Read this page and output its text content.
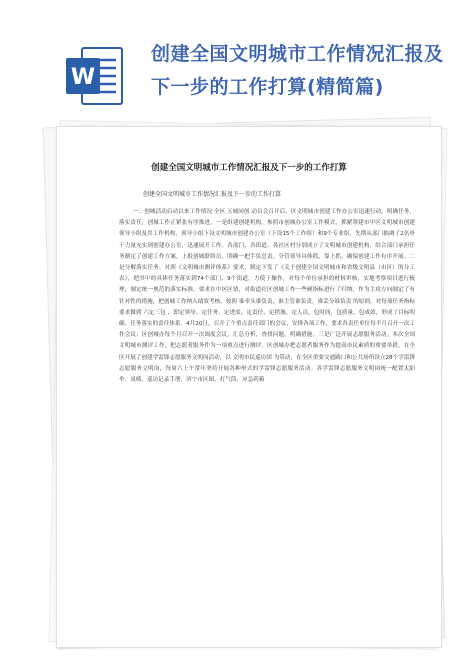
W
创建全国文明城市工作情况汇报及下一步的工作打算(精简篇)
创建全国文明城市工作情况汇报及下一步的工作打算
创建全国文明城市工作情况汇报及下一步的工作打算
一、创城活动启动以来工作情况 全区 五城同创 动员会召开后，区文明城市创建工作办公室迅速行动，明确任务，落实责任，创城工作正紧张有序推进。一是组建创建机构。参照市创城办公室工作模式，抓紧筹建市中区文明城市创建领导小组及其工作机构，领导小组下设文明城市创建办公室（下设15个工作组）和9个专业组，先期从部门抽调了2名骨干力量充实到创建办公室，迅速展开工作。各部门、各街道、各社区村分别成立了文明城市创建机构，结合部门承担任务制定了创建工作方案，上报创城联络员，明确一把手负总责，分管领导具体抓，靠上抓，确保创建工作有序开展。二是分解落实任务。对照《文明城市测评体系》要求，制定下发了《关于创建全国文明城市和省级文明县（市区）的分工表》，把其中的具体任务落实到74个部门、9个街道，力使于操作，对每个单位承担的材料审核，实地考察项目进行梳理，制定统一规范的落实标准，要求在中区区情，对街道社区创城工作一些硬指标进行了归纳，作为主攻方向制定了有针对性的措施，把创城工作纳入绩效考核，按照 谁牵头谁负责，谁主管谁负责，谁丢分谁负责 的原则，对每项任务指标要求做到 六定三包 ，即定领导、定任务、定进度、定责任、定措施、定人员，包时间，包质量，包成效，形成了目标明确、任务落实的责任体系。4月20日，召开了个重点责任部门的会议，安排各项工作，要求各责任单位每半月召开一次工作会议；区创城办每个月召开一次调度会议，汇总分析，查找问题，明确措施。三是广泛开展志愿服务活动。本次全国文明城市测评工作，把志愿者服务作为一项重点进行测评。区创城办把志愿者服务作为提高市民素质的重要举措，在全区开展了创建学雷锋志愿服务文明岗活动，以 文明市民巡访团 为带动，在全区重要交通路口和公共场所设立28个学雷锋志愿服务文明岗，每周六上午常年坚持开展各种形式的学雷锋志愿服务活动。各学雷锋志愿服务文明岗统一配置太阳伞、桌椅、巡访记录手册、济宁市区图、打气筒、应急药箱
